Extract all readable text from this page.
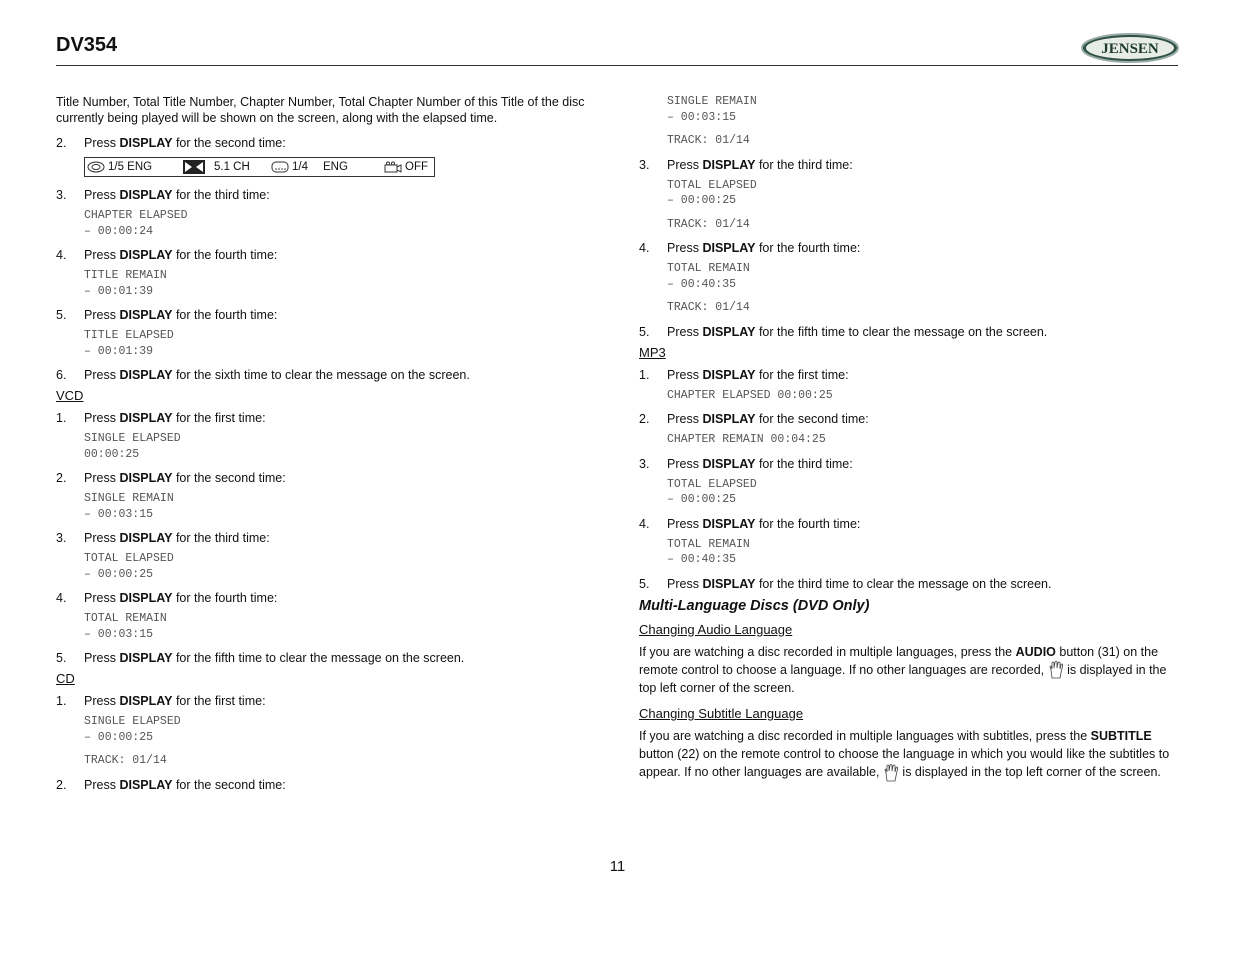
DV354	JENSEN

Title Number, Total Title Number, Chapter Number, Total Chapter Number of this Title of the disc currently being played will be shown on the screen, along with the elapsed time.

2.	Press DISPLAY for the second time:
1/5 ENG	5.1 CH	1/4 ENG	OFF
3.	Press DISPLAY for the third time:
CHAPTER ELAPSED
– 00:00:24
4.	Press DISPLAY for the fourth time:
TITLE REMAIN
– 00:01:39
5.	Press DISPLAY for the fourth time:
TITLE ELAPSED
– 00:01:39
6.	Press DISPLAY for the sixth time to clear the message on the screen.
VCD
1.	Press DISPLAY for the first time:
SINGLE ELAPSED
00:00:25
2.	Press DISPLAY for the second time:
SINGLE REMAIN
– 00:03:15
3.	Press DISPLAY for the third time:
TOTAL ELAPSED
– 00:00:25
4.	Press DISPLAY for the fourth time:
TOTAL REMAIN
– 00:03:15
5.	Press DISPLAY for the fifth time to clear the message on the screen.
CD
1.	Press DISPLAY for the first time:
SINGLE ELAPSED
– 00:00:25
TRACK: 01/14
2.	Press DISPLAY for the second time:
SINGLE REMAIN
– 00:03:15
TRACK: 01/14
3.	Press DISPLAY for the third time:
TOTAL ELAPSED
– 00:00:25
TRACK: 01/14
4.	Press DISPLAY for the fourth time:
TOTAL REMAIN
– 00:40:35
TRACK: 01/14
5.	Press DISPLAY for the fifth time to clear the message on the screen.
MP3
1.	Press DISPLAY for the first time:
CHAPTER ELAPSED 00:00:25
2.	Press DISPLAY for the second time:
CHAPTER REMAIN 00:04:25
3.	Press DISPLAY for the third time:
TOTAL ELAPSED
– 00:00:25
4.	Press DISPLAY for the fourth time:
TOTAL REMAIN
– 00:40:35
5.	Press DISPLAY for the third time to clear the message on the screen.
Multi-Language Discs (DVD Only)
Changing Audio Language

If you are watching a disc recorded in multiple languages, press the AUDIO button (31) on the remote control to choose a language. If no other languages are recorded,  is displayed in the top left corner of the screen.

Changing Subtitle Language

If you are watching a disc recorded in multiple languages with subtitles, press the SUBTITLE button (22) on the remote control to choose the language in which you would like the subtitles to appear. If no other languages are available,  is displayed in the top left corner of the screen.

11
